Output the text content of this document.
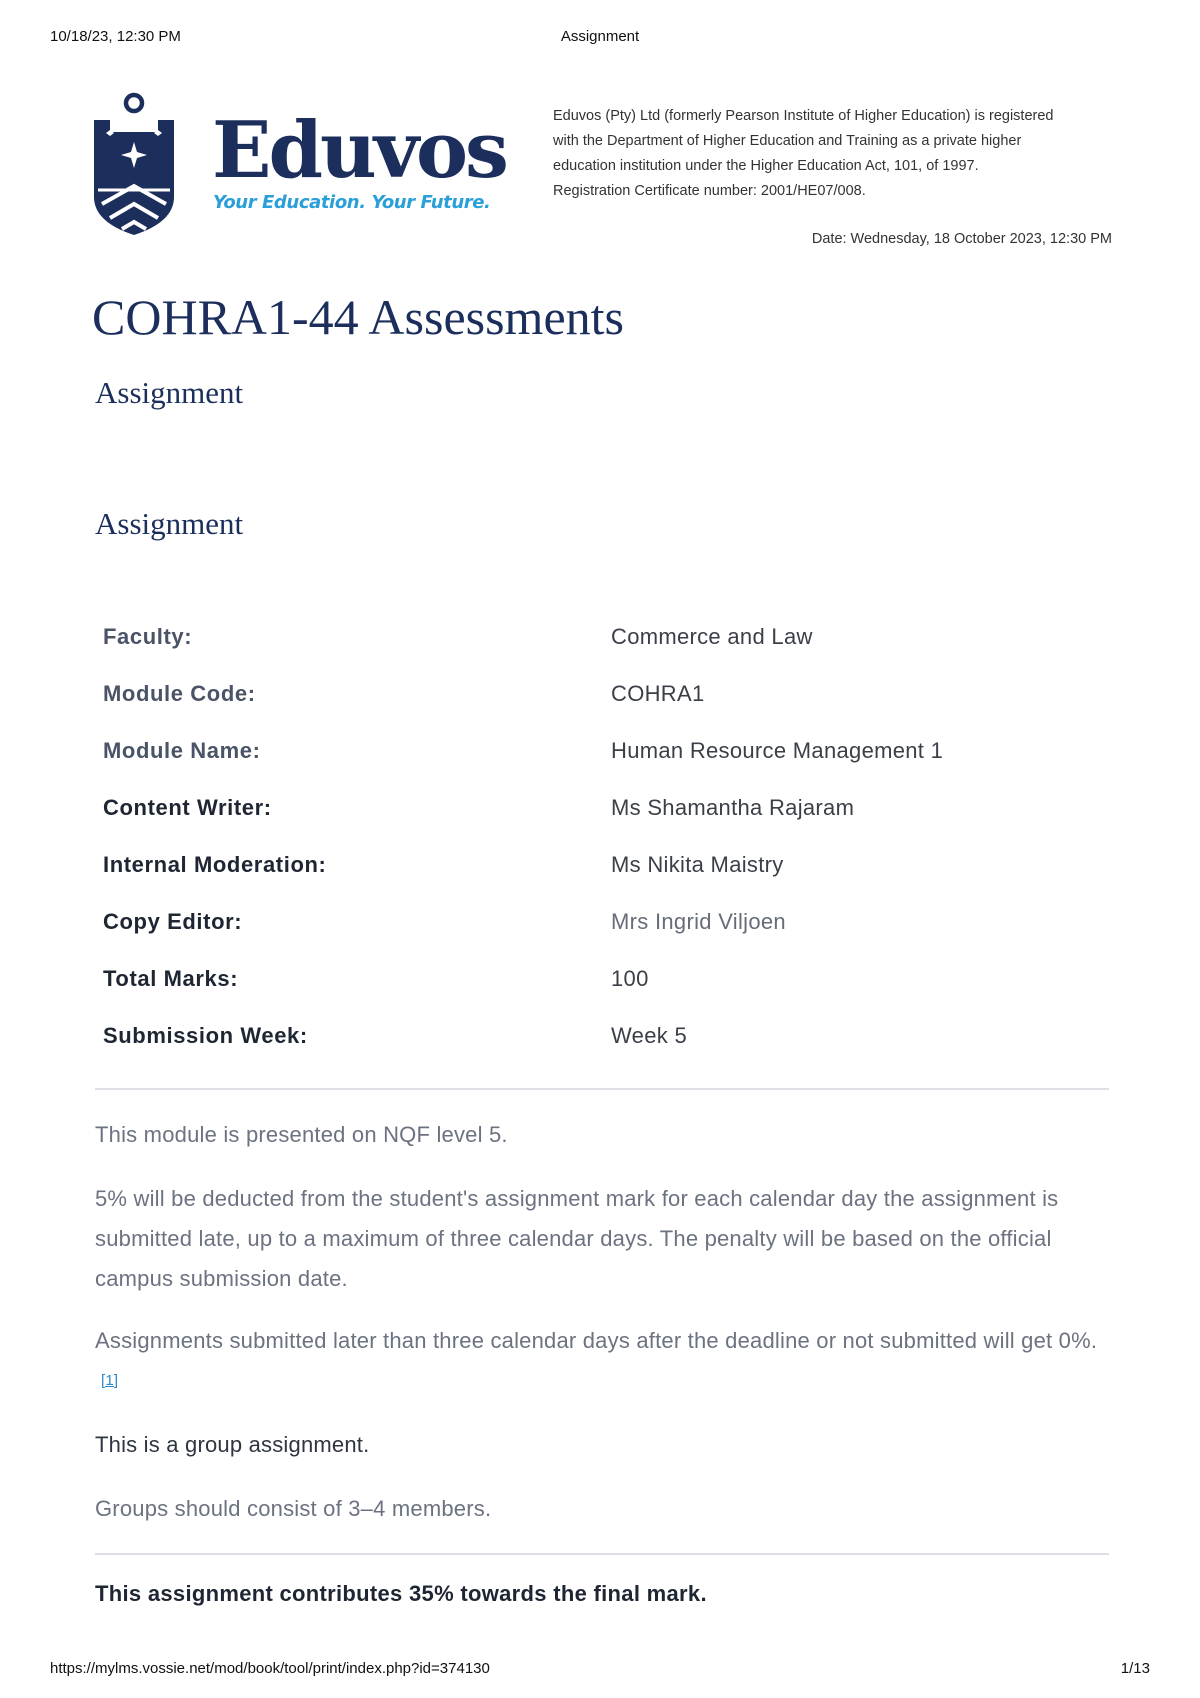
10/18/23, 12:30 PM	Assignment
Eduvos
Your Education. Your Future.
Eduvos (Pty) Ltd (formerly Pearson Institute of Higher Education) is registered
with the Department of Higher Education and Training as a private higher
education institution under the Higher Education Act, 101, of 1997.
Registration Certificate number: 2001/HE07/008.
Date: Wednesday, 18 October 2023, 12:30 PM
COHRA1-44 Assessments
Assignment
Assignment
Faculty:	Commerce and Law
Module Code:	COHRA1
Module Name:	Human Resource Management 1
Content Writer:	Ms Shamantha Rajaram
Internal Moderation:	Ms Nikita Maistry
Copy Editor:	Mrs Ingrid Viljoen
Total Marks:	100
Submission Week:	Week 5

This module is presented on NQF level 5.

5% will be deducted from the student's assignment mark for each calendar day the assignment is submitted late, up to a maximum of three calendar days. The penalty will be based on the official campus submission date.

Assignments submitted later than three calendar days after the deadline or not submitted will get 0%.[1]

This is a group assignment.

Groups should consist of 3–4 members.

This assignment contributes 35% towards the final mark.

https://mylms.vossie.net/mod/book/tool/print/index.php?id=374130	1/13
